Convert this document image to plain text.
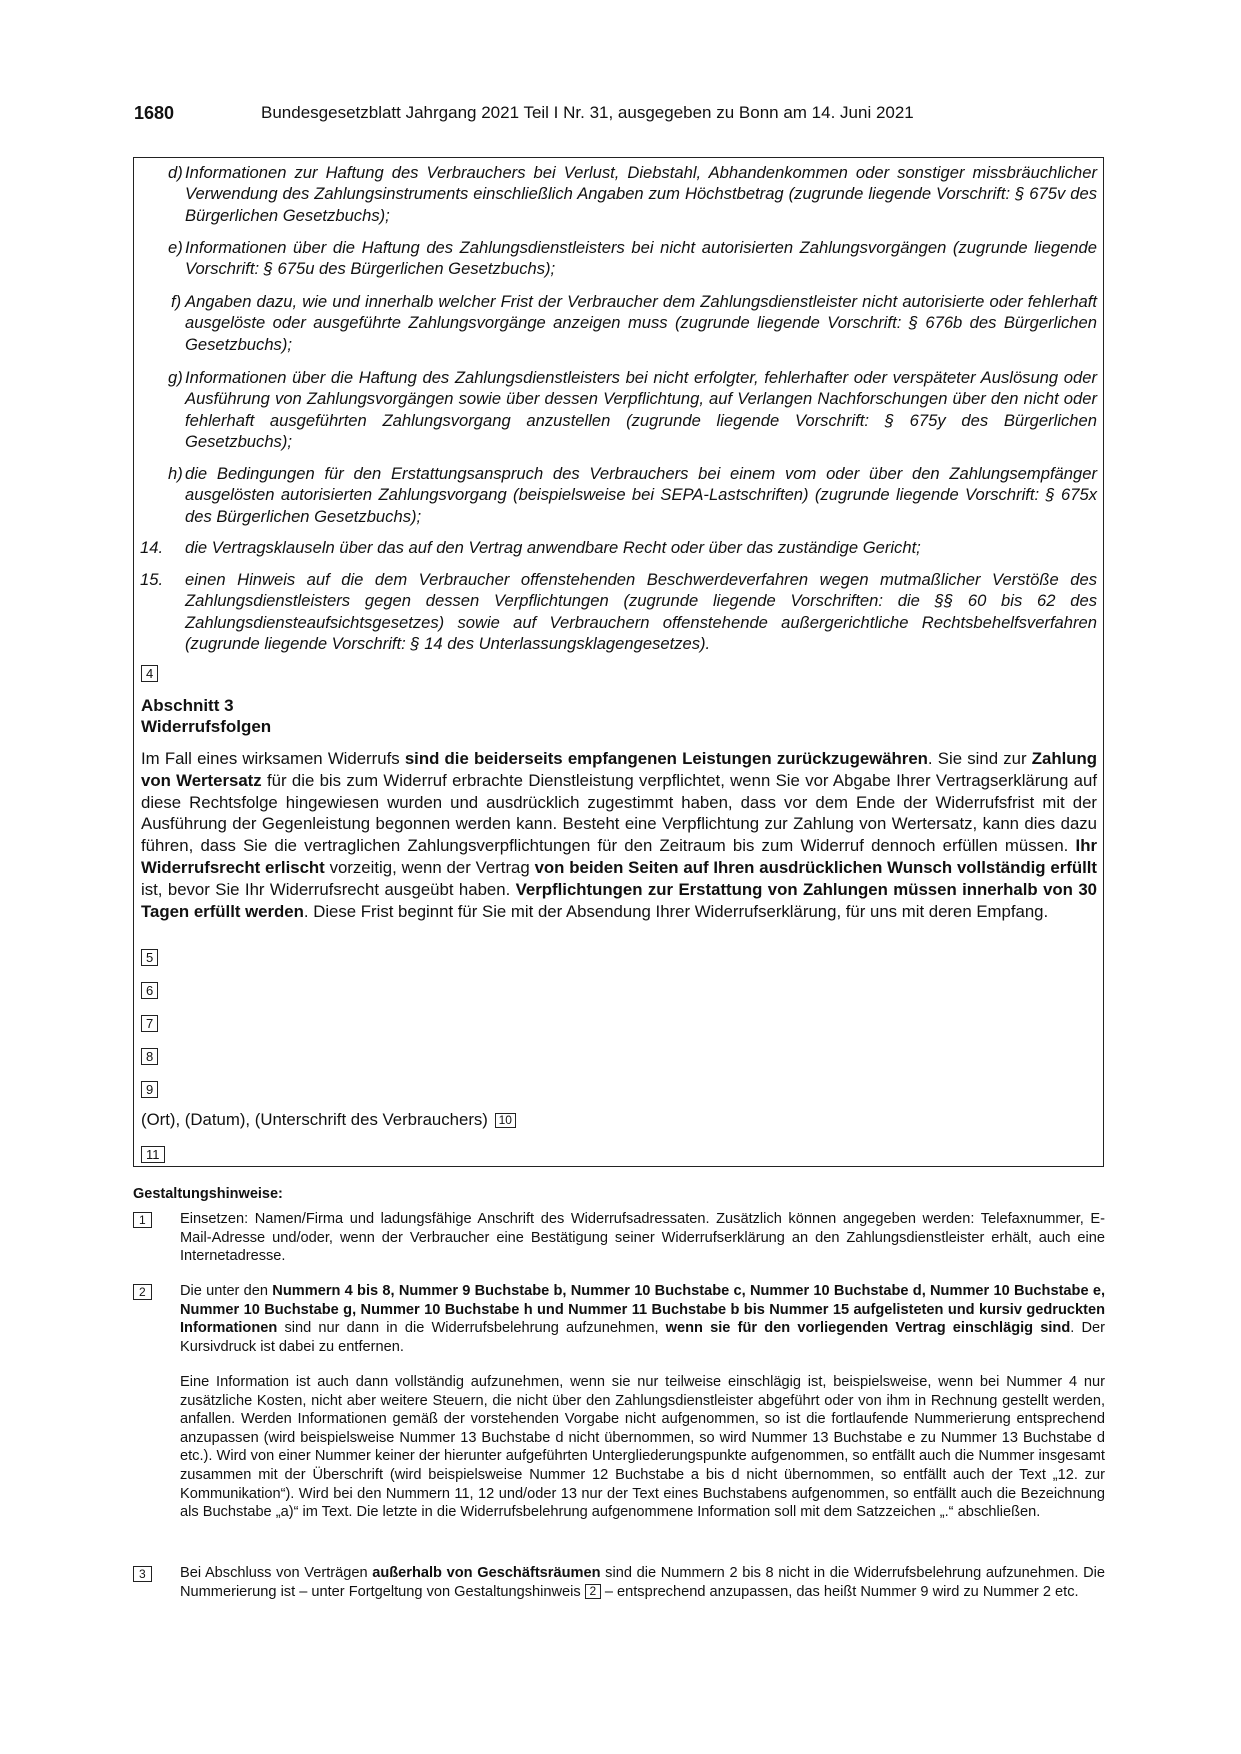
1680	Bundesgesetzblatt Jahrgang 2021 Teil I Nr. 31, ausgegeben zu Bonn am 14. Juni 2021
d) Informationen zur Haftung des Verbrauchers bei Verlust, Diebstahl, Abhandenkommen oder sonstiger missbräuchlicher Verwendung des Zahlungsinstruments einschließlich Angaben zum Höchstbetrag (zugrunde liegende Vorschrift: § 675v des Bürgerlichen Gesetzbuchs);
e) Informationen über die Haftung des Zahlungsdienstleisters bei nicht autorisierten Zahlungsvorgängen (zugrunde liegende Vorschrift: § 675u des Bürgerlichen Gesetzbuchs);
f) Angaben dazu, wie und innerhalb welcher Frist der Verbraucher dem Zahlungsdienstleister nicht autorisierte oder fehlerhaft ausgelöste oder ausgeführte Zahlungsvorgänge anzeigen muss (zugrunde liegende Vorschrift: § 676b des Bürgerlichen Gesetzbuchs);
g) Informationen über die Haftung des Zahlungsdienstleisters bei nicht erfolgter, fehlerhafter oder verspäteter Auslösung oder Ausführung von Zahlungsvorgängen sowie über dessen Verpflichtung, auf Verlangen Nachforschungen über den nicht oder fehlerhaft ausgeführten Zahlungsvorgang anzustellen (zugrunde liegende Vorschrift: § 675y des Bürgerlichen Gesetzbuchs);
h) die Bedingungen für den Erstattungsanspruch des Verbrauchers bei einem vom oder über den Zahlungsempfänger ausgelösten autorisierten Zahlungsvorgang (beispielsweise bei SEPA-Lastschriften) (zugrunde liegende Vorschrift: § 675x des Bürgerlichen Gesetzbuchs);
14. die Vertragsklauseln über das auf den Vertrag anwendbare Recht oder über das zuständige Gericht;
15. einen Hinweis auf die dem Verbraucher offenstehenden Beschwerdeverfahren wegen mutmaßlicher Verstöße des Zahlungsdienstleisters gegen dessen Verpflichtungen (zugrunde liegende Vorschriften: die §§ 60 bis 62 des Zahlungsdiensteaufsichtsgesetzes) sowie auf Verbrauchern offenstehende außergerichtliche Rechtsbehelfsverfahren (zugrunde liegende Vorschrift: § 14 des Unterlassungsklagengesetzes).
4
Abschnitt 3
Widerrufsfolgen
Im Fall eines wirksamen Widerrufs sind die beiderseits empfangenen Leistungen zurückzugewähren. Sie sind zur Zahlung von Wertersatz für die bis zum Widerruf erbrachte Dienstleistung verpflichtet, wenn Sie vor Abgabe Ihrer Vertragserklärung auf diese Rechtsfolge hingewiesen wurden und ausdrücklich zugestimmt haben, dass vor dem Ende der Widerrufsfrist mit der Ausführung der Gegenleistung begonnen werden kann. Besteht eine Verpflichtung zur Zahlung von Wertersatz, kann dies dazu führen, dass Sie die vertraglichen Zahlungsverpflichtungen für den Zeitraum bis zum Widerruf dennoch erfüllen müssen. Ihr Widerrufsrecht erlischt vorzeitig, wenn der Vertrag von beiden Seiten auf Ihren ausdrücklichen Wunsch vollständig erfüllt ist, bevor Sie Ihr Widerrufsrecht ausgeübt haben. Verpflichtungen zur Erstattung von Zahlungen müssen innerhalb von 30 Tagen erfüllt werden. Diese Frist beginnt für Sie mit der Absendung Ihrer Widerrufserklärung, für uns mit deren Empfang.
5
6
7
8
9
(Ort), (Datum), (Unterschrift des Verbrauchers) 10
11
Gestaltungshinweise:
1	Einsetzen: Namen/Firma und ladungsfähige Anschrift des Widerrufsadressaten. Zusätzlich können angegeben werden: Telefaxnummer, E-Mail-Adresse und/oder, wenn der Verbraucher eine Bestätigung seiner Widerrufserklärung an den Zahlungsdienstleister erhält, auch eine Internetadresse.
2	Die unter den Nummern 4 bis 8, Nummer 9 Buchstabe b, Nummer 10 Buchstabe c, Nummer 10 Buchstabe d, Nummer 10 Buchstabe e, Nummer 10 Buchstabe g, Nummer 10 Buchstabe h und Nummer 11 Buchstabe b bis Nummer 15 aufgelisteten und kursiv gedruckten Informationen sind nur dann in die Widerrufsbelehrung aufzunehmen, wenn sie für den vorliegenden Vertrag einschlägig sind. Der Kursivdruck ist dabei zu entfernen.
Eine Information ist auch dann vollständig aufzunehmen, wenn sie nur teilweise einschlägig ist, beispielsweise, wenn bei Nummer 4 nur zusätzliche Kosten, nicht aber weitere Steuern, die nicht über den Zahlungsdienstleister abgeführt oder von ihm in Rechnung gestellt werden, anfallen. Werden Informationen gemäß der vorstehenden Vorgabe nicht aufgenommen, so ist die fortlaufende Nummerierung entsprechend anzupassen (wird beispielsweise Nummer 13 Buchstabe d nicht übernommen, so wird Nummer 13 Buchstabe e zu Nummer 13 Buchstabe d etc.). Wird von einer Nummer keiner der hierunter aufgeführten Untergliederungspunkte aufgenommen, so entfällt auch die Nummer insgesamt zusammen mit der Überschrift (wird beispielsweise Nummer 12 Buchstabe a bis d nicht übernommen, so entfällt auch der Text „12. zur Kommunikation“). Wird bei den Nummern 11, 12 und/oder 13 nur der Text eines Buchstabens aufgenommen, so entfällt auch die Bezeichnung als Buchstabe „a)“ im Text. Die letzte in die Widerrufsbelehrung aufgenommene Information soll mit dem Satzzeichen „.“ abschließen.
3	Bei Abschluss von Verträgen außerhalb von Geschäftsräumen sind die Nummern 2 bis 8 nicht in die Widerrufsbelehrung aufzunehmen. Die Nummerierung ist – unter Fortgeltung von Gestaltungshinweis 2 – entsprechend anzupassen, das heißt Nummer 9 wird zu Nummer 2 etc.
